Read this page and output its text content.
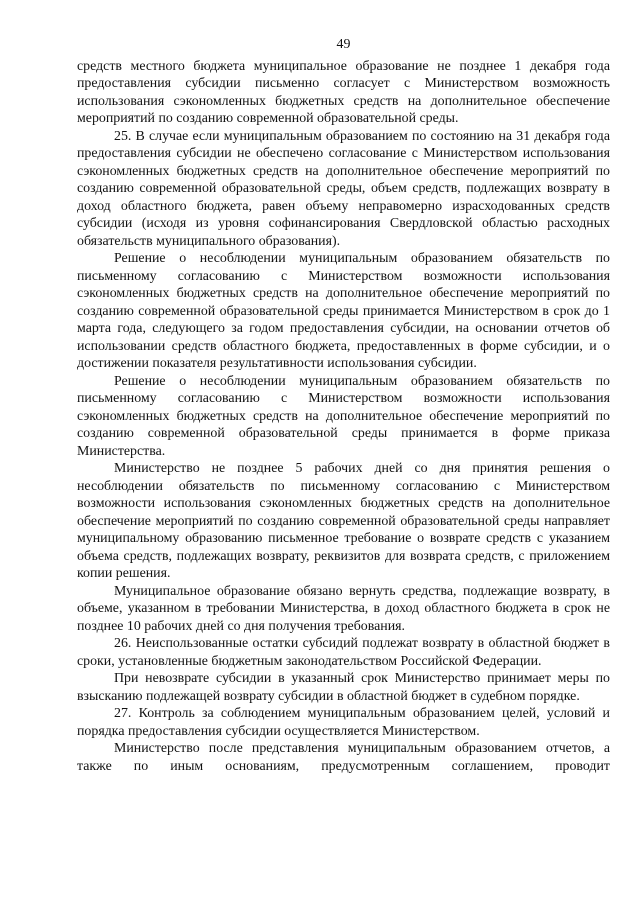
49

средств местного бюджета муниципальное образование не позднее 1 декабря года предоставления субсидии письменно согласует с Министерством возможность использования сэкономленных бюджетных средств на дополнительное обеспечение мероприятий по созданию современной образовательной среды.

25. В случае если муниципальным образованием по состоянию на 31 декабря года предоставления субсидии не обеспечено согласование с Министерством использования сэкономленных бюджетных средств на дополнительное обеспечение мероприятий по созданию современной образовательной среды, объем средств, подлежащих возврату в доход областного бюджета, равен объему неправомерно израсходованных средств субсидии (исходя из уровня софинансирования Свердловской областью расходных обязательств муниципального образования).

Решение о несоблюдении муниципальным образованием обязательств по письменному согласованию с Министерством возможности использования сэкономленных бюджетных средств на дополнительное обеспечение мероприятий по созданию современной образовательной среды принимается Министерством в срок до 1 марта года, следующего за годом предоставления субсидии, на основании отчетов об использовании средств областного бюджета, предоставленных в форме субсидии, и о достижении показателя результативности использования субсидии.

Решение о несоблюдении муниципальным образованием обязательств по письменному согласованию с Министерством возможности использования сэкономленных бюджетных средств на дополнительное обеспечение мероприятий по созданию современной образовательной среды принимается в форме приказа Министерства.

Министерство не позднее 5 рабочих дней со дня принятия решения о несоблюдении обязательств по письменному согласованию с Министерством возможности использования сэкономленных бюджетных средств на дополнительное обеспечение мероприятий по созданию современной образовательной среды направляет муниципальному образованию письменное требование о возврате средств с указанием объема средств, подлежащих возврату, реквизитов для возврата средств, с приложением копии решения.

Муниципальное образование обязано вернуть средства, подлежащие возврату, в объеме, указанном в требовании Министерства, в доход областного бюджета в срок не позднее 10 рабочих дней со дня получения требования.

26. Неиспользованные остатки субсидий подлежат возврату в областной бюджет в сроки, установленные бюджетным законодательством Российской Федерации.

При невозврате субсидии в указанный срок Министерство принимает меры по взысканию подлежащей возврату субсидии в областной бюджет в судебном порядке.

27. Контроль за соблюдением муниципальным образованием целей, условий и порядка предоставления субсидии осуществляется Министерством.

Министерство после представления муниципальным образованием отчетов, а также по иным основаниям, предусмотренным соглашением, проводит
